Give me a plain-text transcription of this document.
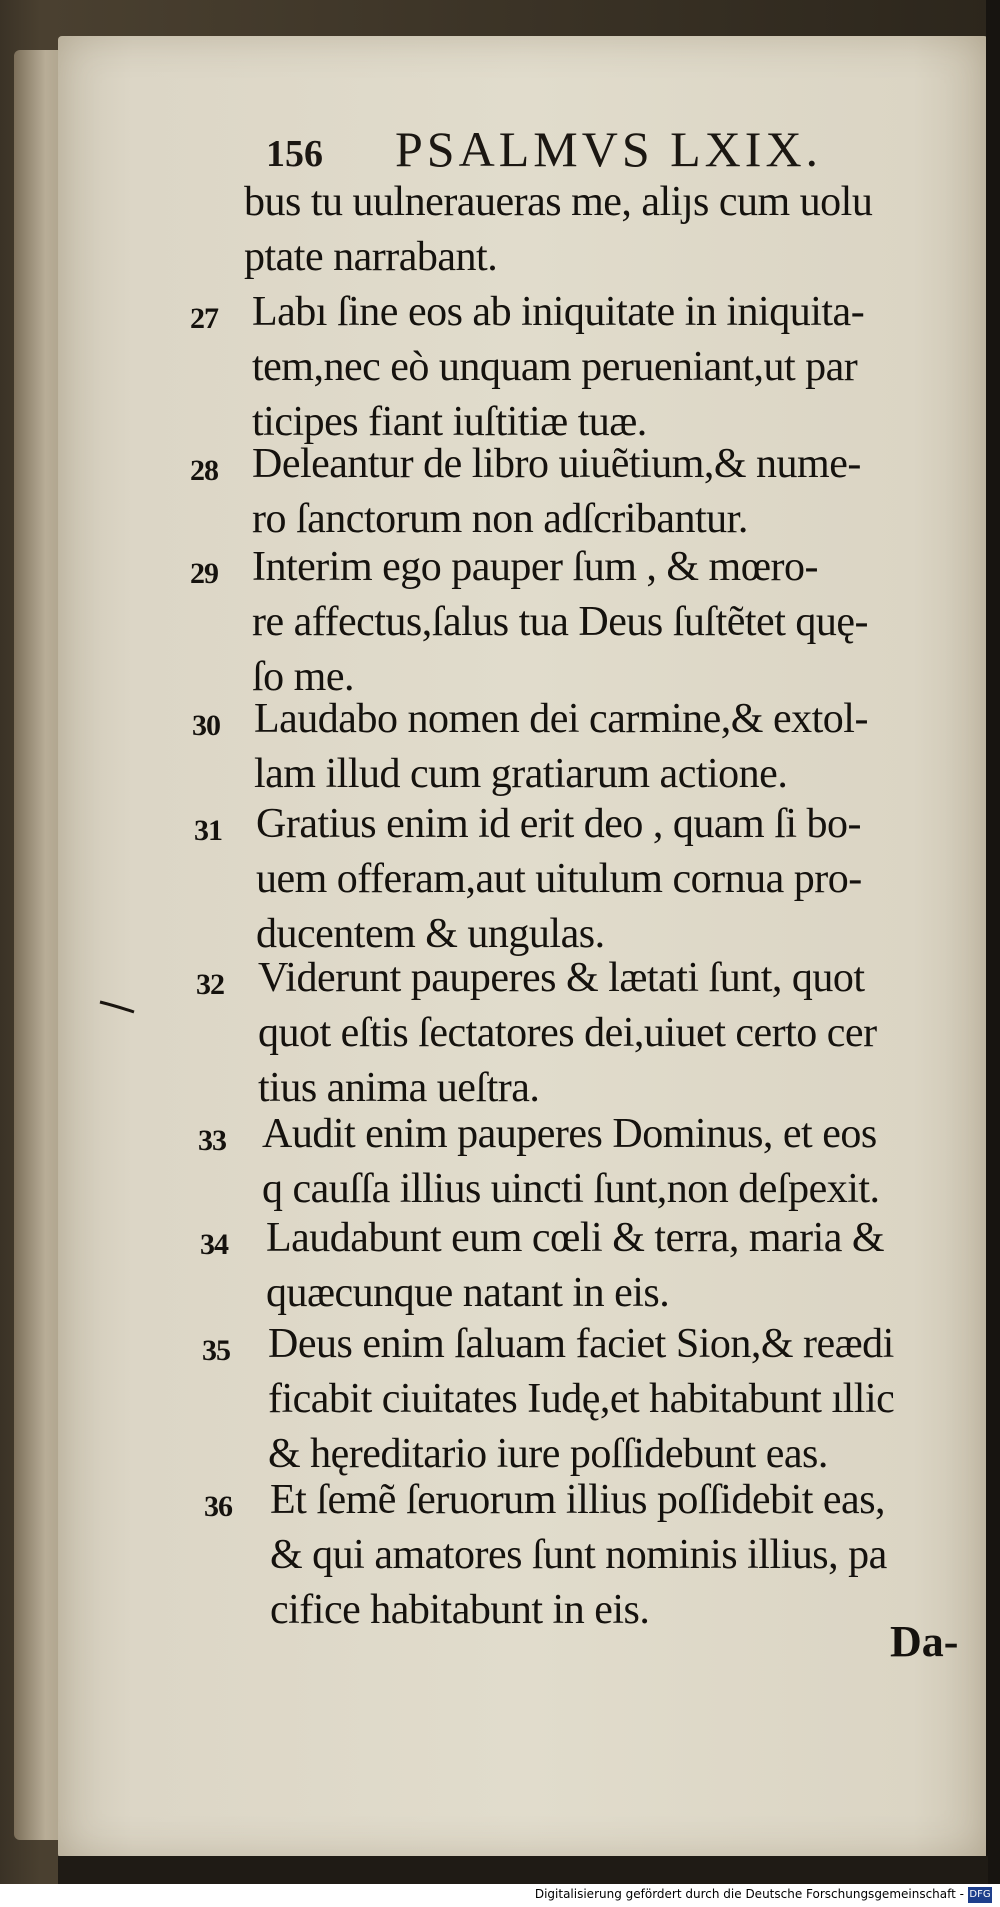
156 PSALMVS LXIX.
bus tu uulneraueras me, aliȷs cum uolu
ptate narrabant.
27 Labı ſine eos ab iniquitate in iniquita-
tem,nec eò unquam perueniant,ut par
ticipes fiant iuſtitiæ tuæ.
28 Deleantur de libro uiuẽtium,& nume-
ro ſanctorum non adſcribantur.
29 Interim ego pauper ſum , & mœro-
re affectus,ſalus tua Deus ſuſtẽtet quę-
ſo me.
30 Laudabo nomen dei carmine,& extol-
lam illud cum gratiarum actione.
31 Gratius enim id erit deo , quam ſi bo-
uem offeram,aut uitulum cornua pro-
ducentem & ungulas.
32 Viderunt pauperes & lætati ſunt, quot
quot eſtis ſectatores dei,uiuet certo cer
tius anima ueſtra.
33 Audit enim pauperes Dominus, et eos
q cauſſa illius uincti ſunt,non deſpexit.
34 Laudabunt eum cœli & terra, maria &
quæcunque natant in eis.
35 Deus enim ſaluam faciet Sion,& reædi
ficabit ciuitates Iudę,et habitabunt ıllic
& hęreditario iure poſſidebunt eas.
36 Et ſemẽ ſeruorum illius poſſidebit eas,
& qui amatores ſunt nominis illius, pa
cifice habitabunt in eis.
Da-
Digitalisierung gefördert durch die Deutsche Forschungsgemeinschaft - DFG
